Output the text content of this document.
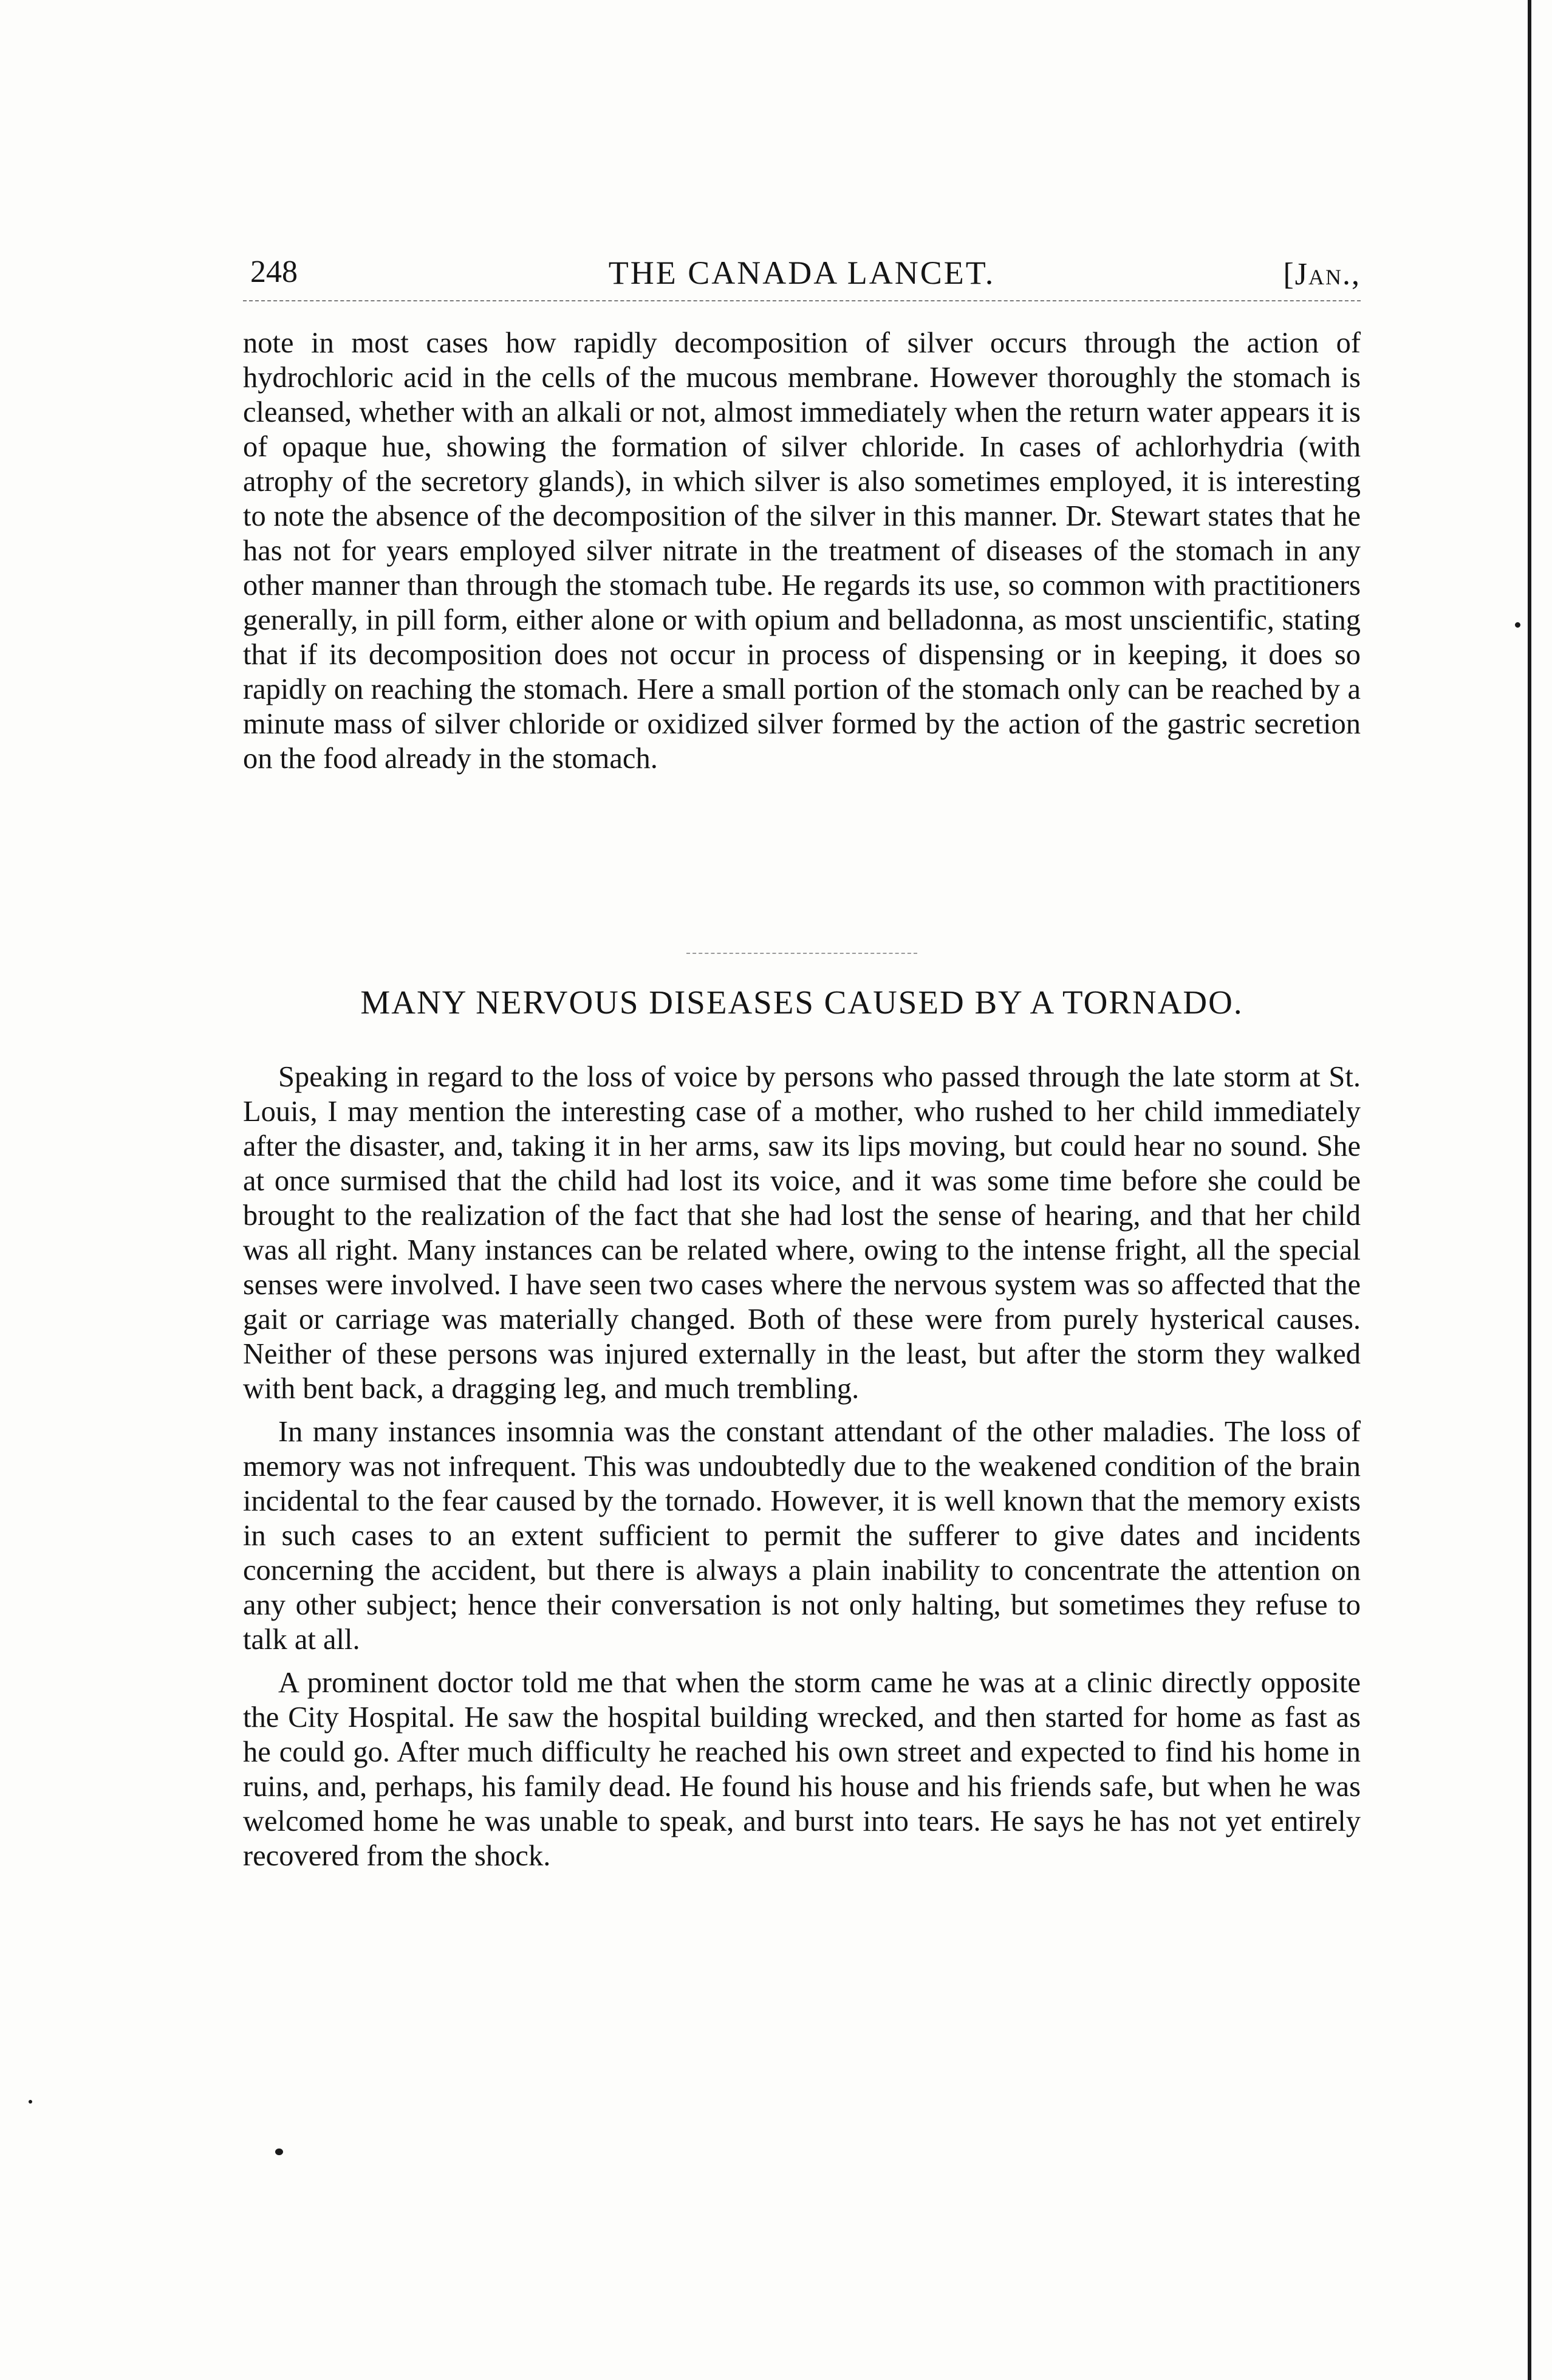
248	THE CANADA LANCET.	[Jan.,

note in most cases how rapidly decomposition of silver occurs through the action of hydrochloric acid in the cells of the mucous membrane. However thoroughly the stomach is cleansed, whether with an alkali or not, almost immediately when the return water appears it is of opaque hue, showing the formation of silver chloride. In cases of achlorhydria (with atrophy of the secretory glands), in which silver is also sometimes employed, it is interesting to note the absence of the decomposition of the silver in this manner. Dr. Stewart states that he has not for years employed silver nitrate in the treatment of diseases of the stomach in any other manner than through the stomach tube. He regards its use, so common with practitioners generally, in pill form, either alone or with opium and belladonna, as most unscientific, stating that if its decomposition does not occur in process of dispensing or in keeping, it does so rapidly on reaching the stomach. Here a small portion of the stomach only can be reached by a minute mass of silver chloride or oxidized silver formed by the action of the gastric secretion on the food already in the stomach.

MANY NERVOUS DISEASES CAUSED BY A TORNADO.

Speaking in regard to the loss of voice by persons who passed through the late storm at St. Louis, I may mention the interesting case of a mother, who rushed to her child immediately after the disaster, and, taking it in her arms, saw its lips moving, but could hear no sound. She at once surmised that the child had lost its voice, and it was some time before she could be brought to the realization of the fact that she had lost the sense of hearing, and that her child was all right. Many instances can be related where, owing to the intense fright, all the special senses were involved. I have seen two cases where the nervous system was so affected that the gait or carriage was materially changed. Both of these were from purely hysterical causes. Neither of these persons was injured externally in the least, but after the storm they walked with bent back, a dragging leg, and much trembling.

In many instances insomnia was the constant attendant of the other maladies. The loss of memory was not infrequent. This was undoubtedly due to the weakened condition of the brain incidental to the fear caused by the tornado. However, it is well known that the memory exists in such cases to an extent sufficient to permit the sufferer to give dates and incidents concerning the accident, but there is always a plain inability to concentrate the attention on any other subject; hence their conversation is not only halting, but sometimes they refuse to talk at all.

A prominent doctor told me that when the storm came he was at a clinic directly opposite the City Hospital. He saw the hospital building wrecked, and then started for home as fast as he could go. After much difficulty he reached his own street and expected to find his home in ruins, and, perhaps, his family dead. He found his house and his friends safe, but when he was welcomed home he was unable to speak, and burst into tears. He says he has not yet entirely recovered from the shock.
